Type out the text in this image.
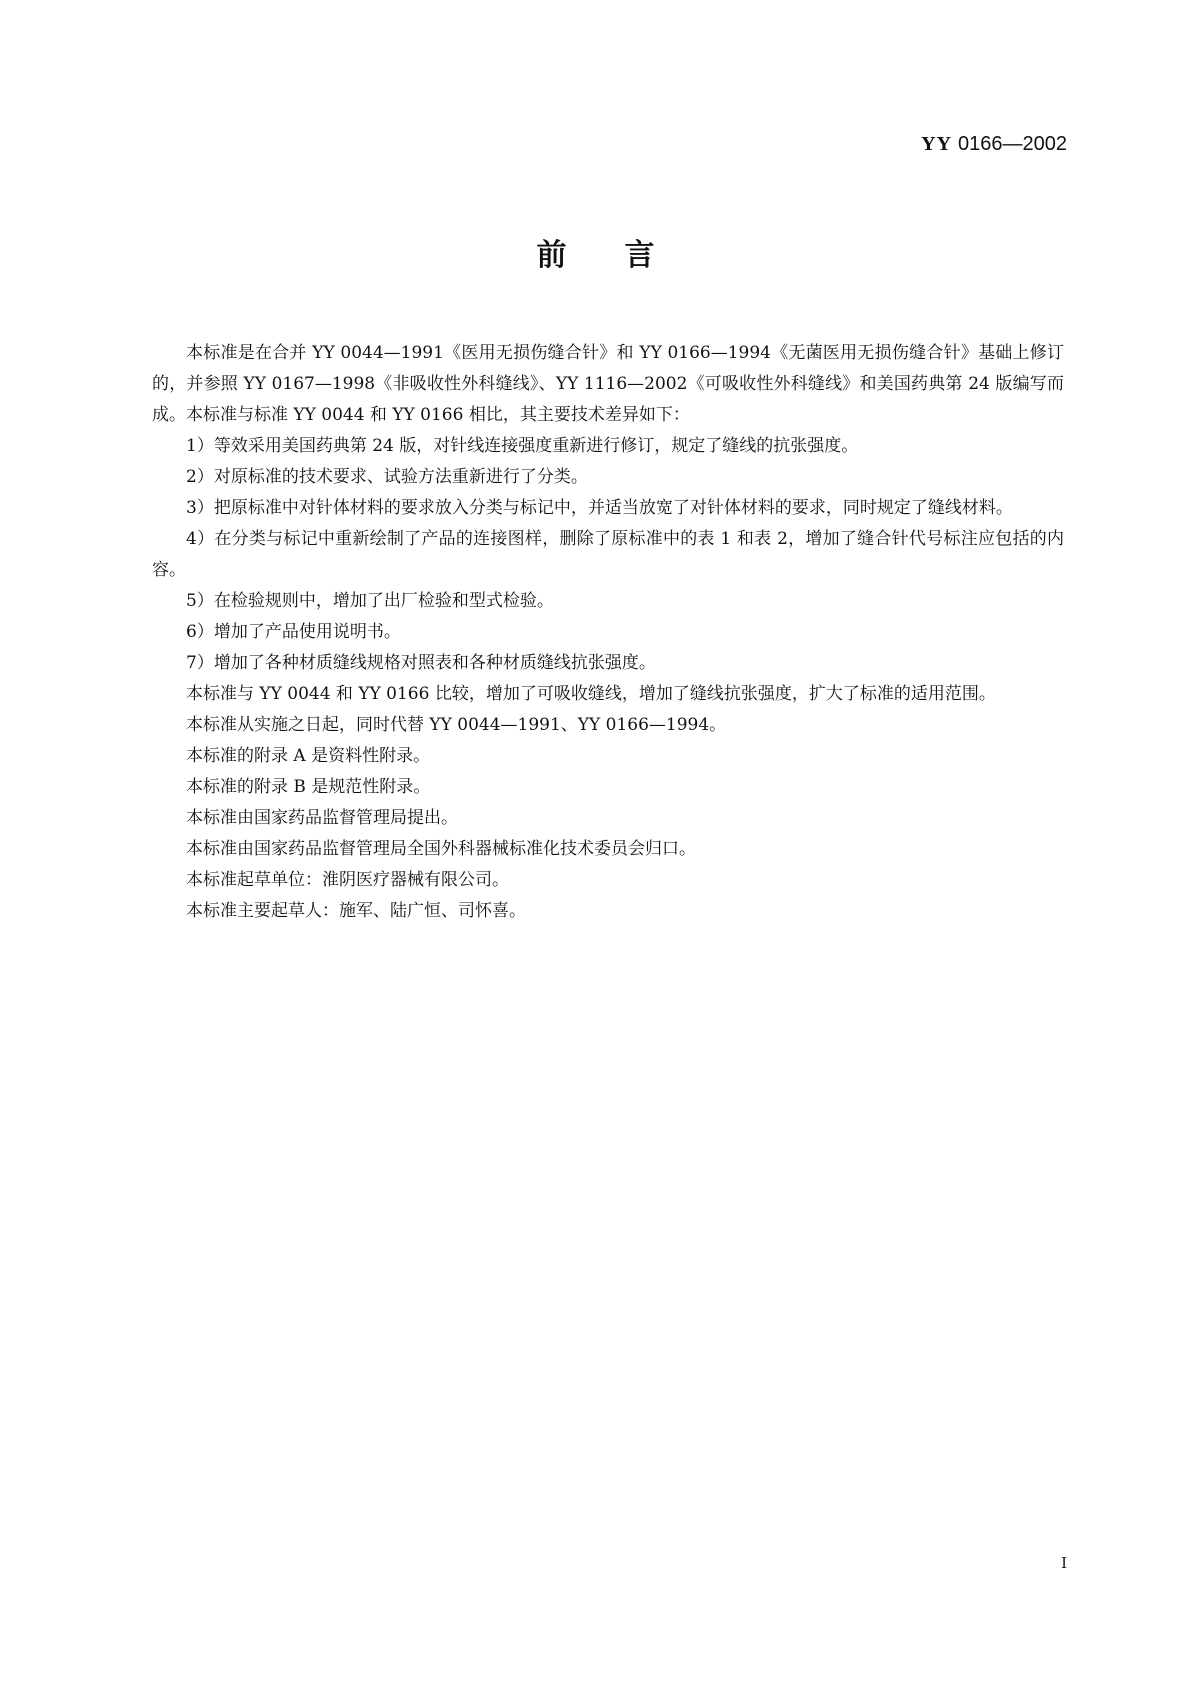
YY 0166—2002
前言

本标准是在合并 YY 0044—1991《医用无损伤缝合针》和 YY 0166—1994《无菌医用无损伤缝合针》基础上修订的，并参照 YY 0167—1998《非吸收性外科缝线》、YY 1116—2002《可吸收性外科缝线》和美国药典第 24 版编写而成。本标准与标准 YY 0044 和 YY 0166 相比，其主要技术差异如下：

1）等效采用美国药典第 24 版，对针线连接强度重新进行修订，规定了缝线的抗张强度。

2）对原标准的技术要求、试验方法重新进行了分类。

3）把原标准中对针体材料的要求放入分类与标记中，并适当放宽了对针体材料的要求，同时规定了缝线材料。

4）在分类与标记中重新绘制了产品的连接图样，删除了原标准中的表 1 和表 2，增加了缝合针代号标注应包括的内容。

5）在检验规则中，增加了出厂检验和型式检验。

6）增加了产品使用说明书。

7）增加了各种材质缝线规格对照表和各种材质缝线抗张强度。

本标准与 YY 0044 和 YY 0166 比较，增加了可吸收缝线，增加了缝线抗张强度，扩大了标准的适用范围。

本标准从实施之日起，同时代替 YY 0044—1991、YY 0166—1994。

本标准的附录 A 是资料性附录。

本标准的附录 B 是规范性附录。

本标准由国家药品监督管理局提出。

本标准由国家药品监督管理局全国外科器械标准化技术委员会归口。

本标准起草单位：淮阴医疗器械有限公司。

本标准主要起草人：施军、陆广恒、司怀喜。

I
